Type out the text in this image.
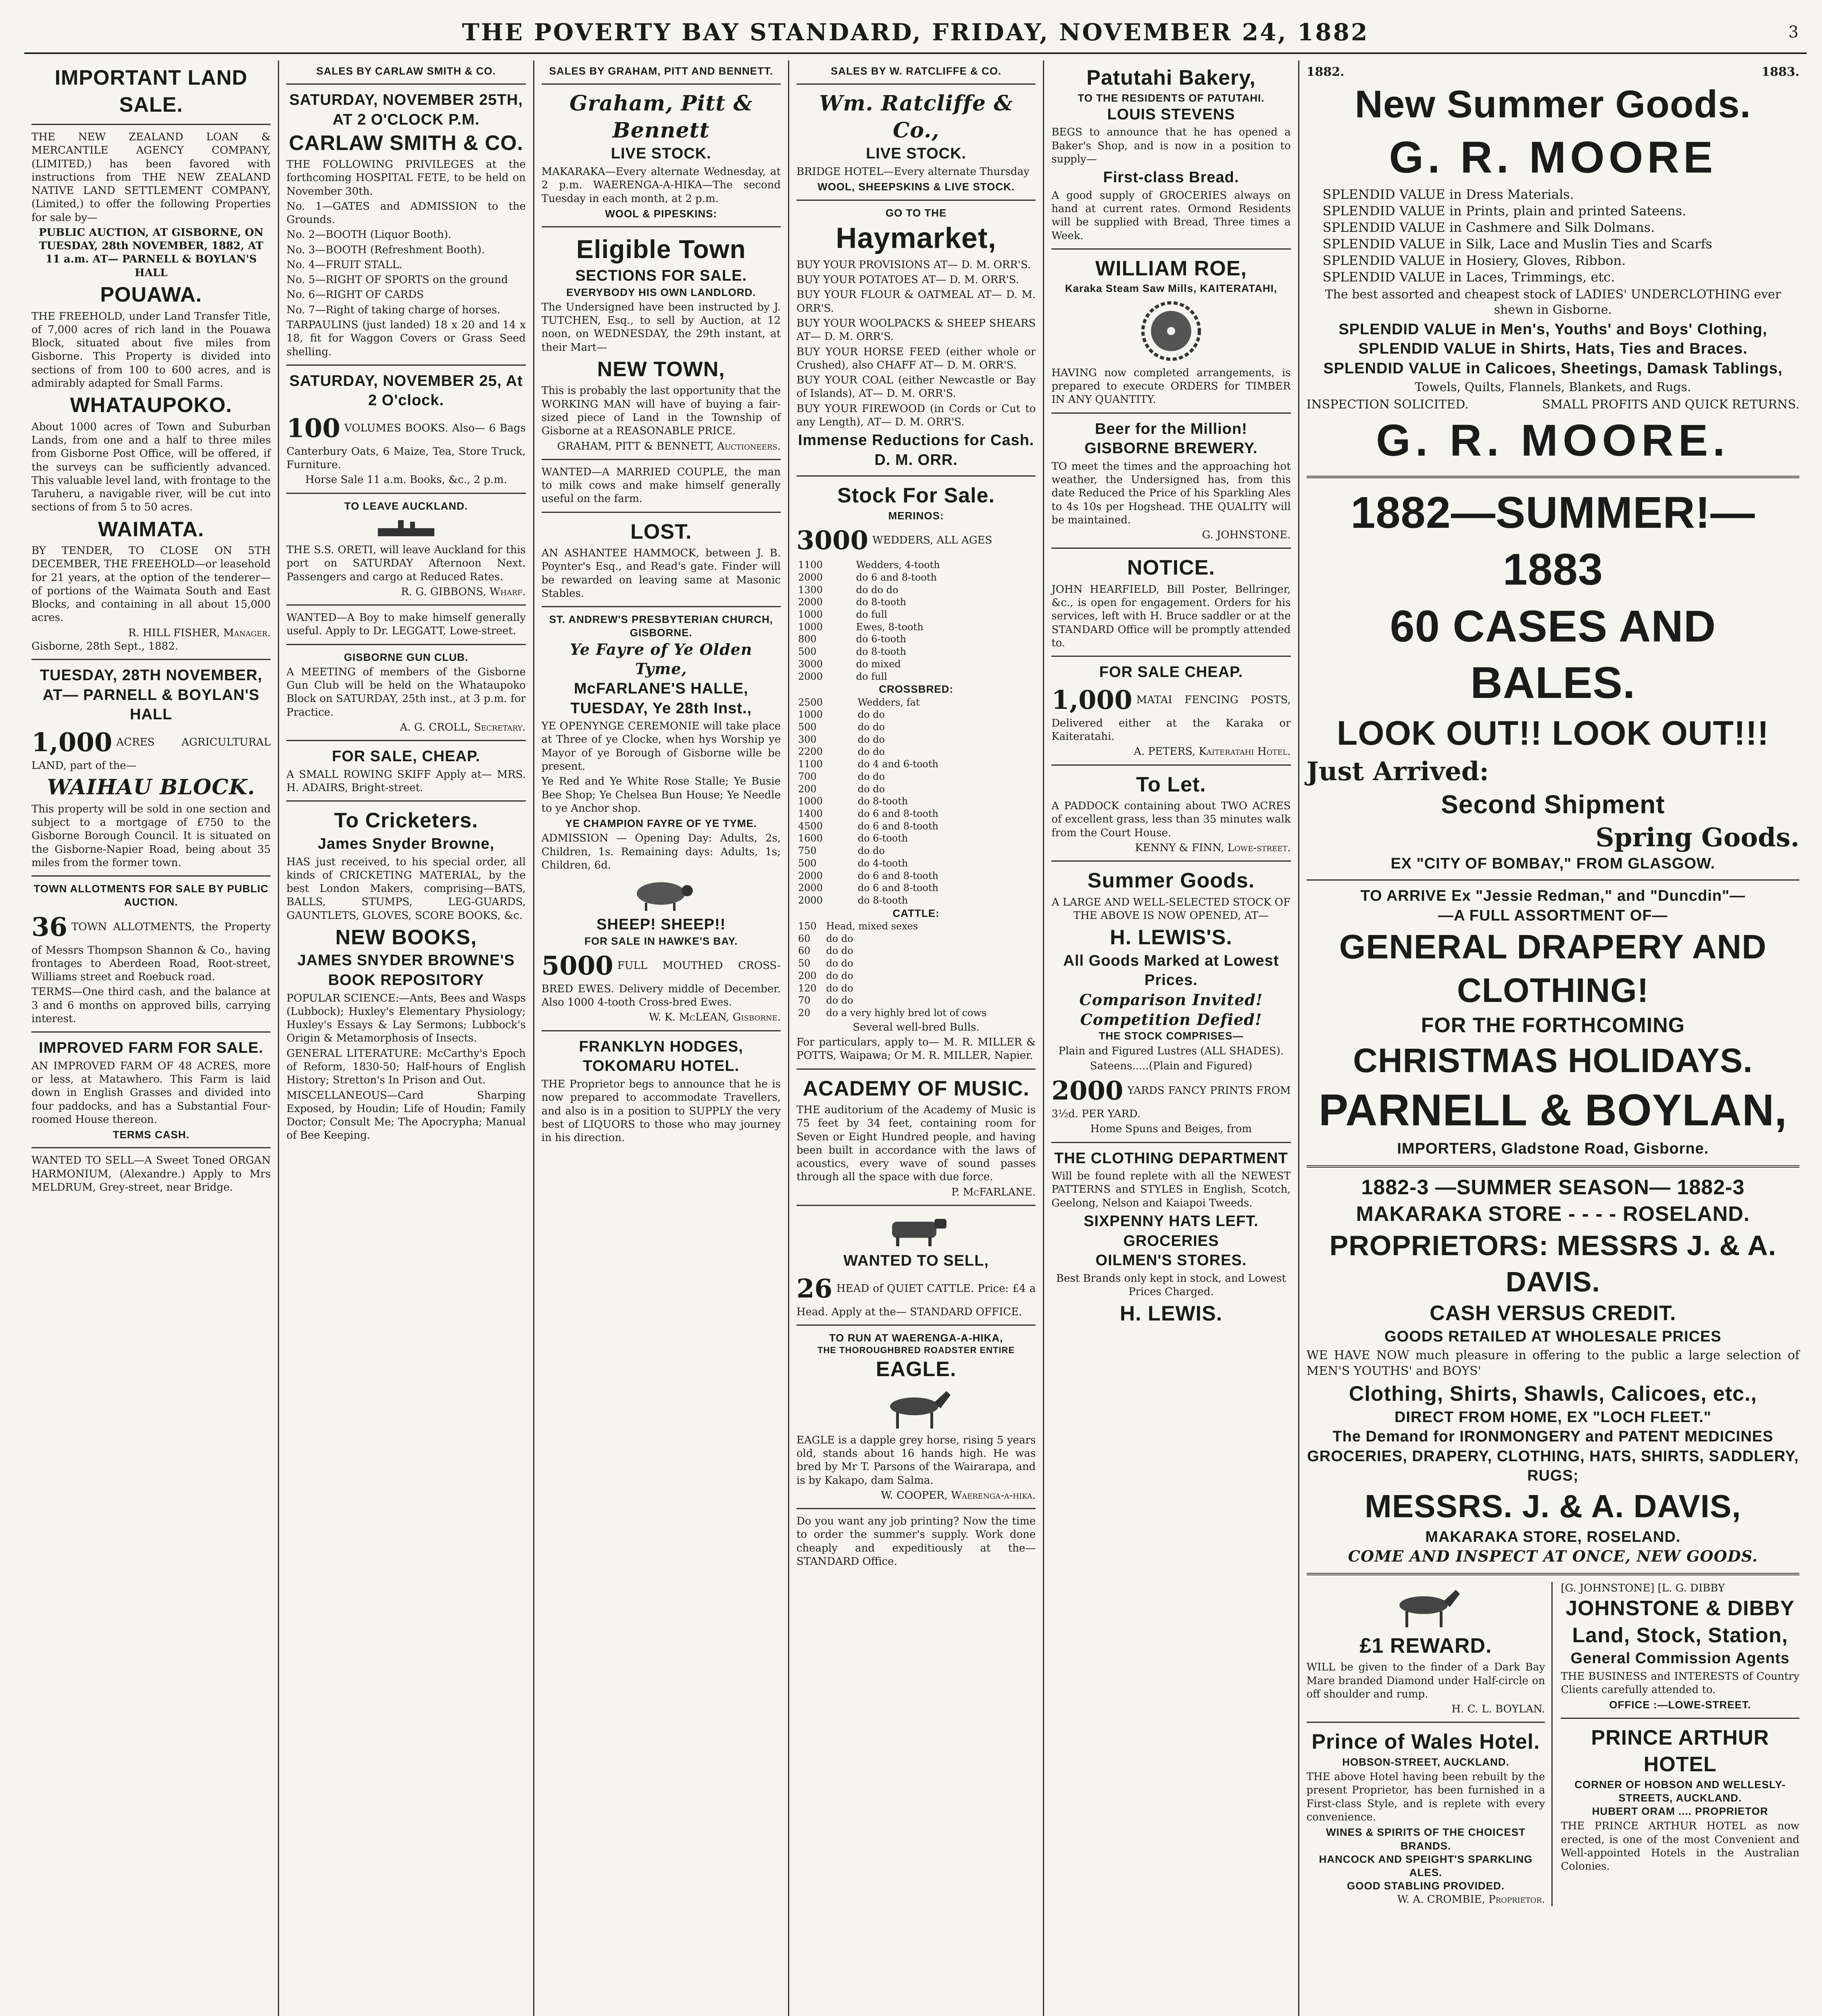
THE POVERTY BAY STANDARD, FRIDAY, NOVEMBER 24, 1882	3
IMPORTANT LAND SALE.

THE NEW ZEALAND LOAN & MERCANTILE AGENCY COMPANY, (LIMITED,) has been favored with instructions from THE NEW ZEALAND NATIVE LAND SETTLEMENT COMPANY, (Limited,) to offer the following Properties for sale by—

PUBLIC AUCTION, AT GISBORNE, ON TUESDAY, 28th NOVEMBER, 1882, AT 11 a.m. AT— PARNELL & BOYLAN'S HALL

POUAWA.

THE FREEHOLD, under Land Transfer Title, of 7,000 acres of rich land in the Pouawa Block, situated about five miles from Gisborne. This Property is divided into sections of from 100 to 600 acres, and is admirably adapted for Small Farms.

WHATAUPOKO.

About 1000 acres of Town and Suburban Lands, from one and a half to three miles from Gisborne Post Office, will be offered, if the surveys can be sufficiently advanced. This valuable level land, with frontage to the Taruheru, a navigable river, will be cut into sections of from 5 to 50 acres.

WAIMATA.

BY TENDER, TO CLOSE ON 5TH DECEMBER, THE FREEHOLD—or leasehold for 21 years, at the option of the tenderer—of portions of the Waimata South and East Blocks, and containing in all about 15,000 acres.

R. HILL FISHER, Manager.
Gisborne, 28th Sept., 1882.
TUESDAY, 28TH NOVEMBER, AT— PARNELL & BOYLAN'S HALL

1,000 ACRES AGRICULTURAL LAND, part of the—

WAIHAU BLOCK.

This property will be sold in one section and subject to a mortgage of £750 to the Gisborne Borough Council. It is situated on the Gisborne-Napier Road, being about 35 miles from the former town.

TOWN ALLOTMENTS FOR SALE BY PUBLIC AUCTION.

36 TOWN ALLOTMENTS, the Property of Messrs Thompson Shannon & Co., having frontages to Aberdeen Road, Root-street, Williams street and Roebuck road.

TERMS—One third cash, and the balance at 3 and 6 months on approved bills, carrying interest.

IMPROVED FARM FOR SALE.

AN IMPROVED FARM OF 48 ACRES, more or less, at Matawhero. This Farm is laid down in English Grasses and divided into four paddocks, and has a Substantial Four-roomed House thereon.

TERMS CASH.

WANTED TO SELL—A Sweet Toned ORGAN HARMONIUM, (Alexandre.) Apply to Mrs MELDRUM, Grey-street, near Bridge.

SALES BY CARLAW SMITH & CO.
SATURDAY, NOVEMBER 25TH, AT 2 O'CLOCK P.M.
CARLAW SMITH & CO.

THE FOLLOWING PRIVILEGES at the forthcoming HOSPITAL FETE, to be held on November 30th.

No. 1—GATES and ADMISSION to the Grounds.

No. 2—BOOTH (Liquor Booth).

No. 3—BOOTH (Refreshment Booth).

No. 4—FRUIT STALL.

No. 5—RIGHT OF SPORTS on the ground

No. 6—RIGHT OF CARDS

No. 7—Right of taking charge of horses.

TARPAULINS (just landed) 18 x 20 and 14 x 18, fit for Waggon Covers or Grass Seed shelling.

SATURDAY, NOVEMBER 25, At 2 O'clock.

100 VOLUMES BOOKS. Also— 6 Bags Canterbury Oats, 6 Maize, Tea, Store Truck, Furniture.

Horse Sale 11 a.m. Books, &c., 2 p.m.

TO LEAVE AUCKLAND.

THE S.S. ORETI, will leave Auckland for this port on SATURDAY Afternoon Next. Passengers and cargo at Reduced Rates.

R. G. GIBBONS, Wharf.

WANTED—A Boy to make himself generally useful. Apply to Dr. LEGGATT, Lowe-street.

GISBORNE GUN CLUB.

A MEETING of members of the Gisborne Gun Club will be held on the Whataupoko Block on SATURDAY, 25th inst., at 3 p.m. for Practice.

A. G. CROLL, Secretary.
FOR SALE, CHEAP.

A SMALL ROWING SKIFF Apply at— MRS. H. ADAIRS, Bright-street.

To Cricketers.
James Snyder Browne,

HAS just received, to his special order, all kinds of CRICKETING MATERIAL, by the best London Makers, comprising—BATS, BALLS, STUMPS, LEG-GUARDS, GAUNTLETS, GLOVES, SCORE BOOKS, &c.

NEW BOOKS,
JAMES SNYDER BROWNE'S BOOK REPOSITORY

POPULAR SCIENCE:—Ants, Bees and Wasps (Lubbock); Huxley's Elementary Physiology; Huxley's Essays & Lay Sermons; Lubbock's Origin & Metamorphosis of Insects.

GENERAL LITERATURE: McCarthy's Epoch of Reform, 1830-50; Half-hours of English History; Stretton's In Prison and Out.

MISCELLANEOUS—Card Sharping Exposed, by Houdin; Life of Houdin; Family Doctor; Consult Me; The Apocrypha; Manual of Bee Keeping.

SALES BY GRAHAM, PITT AND BENNETT.
Graham, Pitt & Bennett
LIVE STOCK.

MAKARAKA—Every alternate Wednesday, at 2 p.m. WAERENGA-A-HIKA—The second Tuesday in each month, at 2 p.m.

WOOL & PIPESKINS:
Eligible Town
SECTIONS FOR SALE.
EVERYBODY HIS OWN LANDLORD.

The Undersigned have been instructed by J. TUTCHEN, Esq., to sell by Auction, at 12 noon, on WEDNESDAY, the 29th instant, at their Mart—

NEW TOWN,

This is probably the last opportunity that the WORKING MAN will have of buying a fair-sized piece of Land in the Township of Gisborne at a REASONABLE PRICE.

GRAHAM, PITT & BENNETT, Auctioneers.

WANTED—A MARRIED COUPLE, the man to milk cows and make himself generally useful on the farm.

LOST.

AN ASHANTEE HAMMOCK, between J. B. Poynter's Esq., and Read's gate. Finder will be rewarded on leaving same at Masonic Stables.

ST. ANDREW'S PRESBYTERIAN CHURCH, GISBORNE.
Ye Fayre of Ye Olden Tyme,
McFARLANE'S HALLE,
TUESDAY, Ye 28th Inst.,

YE OPENYNGE CEREMONIE will take place at Three of ye Clocke, when hys Worship ye Mayor of ye Borough of Gisborne wille be present.

Ye Red and Ye White Rose Stalle; Ye Busie Bee Shop; Ye Chelsea Bun House; Ye Needle to ye Anchor shop.

YE CHAMPION FAYRE OF YE TYME.

ADMISSION — Opening Day: Adults, 2s, Children, 1s. Remaining days: Adults, 1s; Children, 6d.

SHEEP! SHEEP!!
FOR SALE IN HAWKE'S BAY.

5000 FULL MOUTHED CROSS-BRED EWES. Delivery middle of December. Also 1000 4-tooth Cross-bred Ewes.

W. K. McLEAN, Gisborne.
FRANKLYN HODGES, TOKOMARU HOTEL.

THE Proprietor begs to announce that he is now prepared to accommodate Travellers, and also is in a position to SUPPLY the very best of LIQUORS to those who may journey in his direction.

SALES BY W. RATCLIFFE & CO.
Wm. Ratcliffe & Co.,
LIVE STOCK.

BRIDGE HOTEL—Every alternate Thursday

WOOL, SHEEPSKINS & LIVE STOCK.
GO TO THE
Haymarket,

BUY YOUR PROVISIONS AT— D. M. ORR'S.

BUY YOUR POTATOES AT— D. M. ORR'S.

BUY YOUR FLOUR & OATMEAL AT— D. M. ORR'S.

BUY YOUR WOOLPACKS & SHEEP SHEARS AT— D. M. ORR'S.

BUY YOUR HORSE FEED (either whole or Crushed), also CHAFF AT— D. M. ORR'S.

BUY YOUR COAL (either Newcastle or Bay of Islands), AT— D. M. ORR'S.

BUY YOUR FIREWOOD (in Cords or Cut to any Length), AT— D. M. ORR'S.

Immense Reductions for Cash.
D. M. ORR.
Stock For Sale.
MERINOS:

3000 WEDDERS, ALL AGES

1100	Wedders, 4-tooth
2000	do 6 and 8-tooth
1300	do do do
2000	do 8-tooth
1000	do full
1000	Ewes, 8-tooth
800	do 6-tooth
500	do 8-tooth
3000	do mixed
2000	do full
CROSSBRED:
2500	Wedders, fat
1000	do do
500	do do
300	do do
2200	do do
1100	do 4 and 6-tooth
700	do do
200	do do
1000	do 8-tooth
1400	do 6 and 8-tooth
4500	do 6 and 8-tooth
1600	do 6-tooth
750	do do
500	do 4-tooth
2000	do 6 and 8-tooth
2000	do 6 and 8-tooth
2000	do 8-tooth
CATTLE:
150	Head, mixed sexes
60	do do
60	do do
50	do do
200	do do
120	do do
70	do do
20	do a very highly bred lot of cows

Several well-bred Bulls.

For particulars, apply to— M. R. MILLER & POTTS, Waipawa; Or M. R. MILLER, Napier.

ACADEMY OF MUSIC.

THE auditorium of the Academy of Music is 75 feet by 34 feet, containing room for Seven or Eight Hundred people, and having been built in accordance with the laws of acoustics, every wave of sound passes through all the space with due force.

P. McFARLANE.
WANTED TO SELL,

26 HEAD of QUIET CATTLE. Price: £4 a Head. Apply at the— STANDARD OFFICE.

TO RUN AT WAERENGA-A-HIKA,
THE THOROUGHBRED ROADSTER ENTIRE
EAGLE.

EAGLE is a dapple grey horse, rising 5 years old, stands about 16 hands high. He was bred by Mr T. Parsons of the Wairarapa, and is by Kakapo, dam Salma.

W. COOPER, Waerenga-a-hika.

Do you want any job printing? Now the time to order the summer's supply. Work done cheaply and expeditiously at the— STANDARD Office.

Patutahi Bakery,
TO THE RESIDENTS OF PATUTAHI.
LOUIS STEVENS

BEGS to announce that he has opened a Baker's Shop, and is now in a position to supply—

First-class Bread.

A good supply of GROCERIES always on hand at current rates. Ormond Residents will be supplied with Bread, Three times a Week.

WILLIAM ROE,
Karaka Steam Saw Mills, KAITERATAHI,

HAVING now completed arrangements, is prepared to execute ORDERS for TIMBER IN ANY QUANTITY.

Beer for the Million!
GISBORNE BREWERY.

TO meet the times and the approaching hot weather, the Undersigned has, from this date Reduced the Price of his Sparkling Ales to 4s 10s per Hogshead. THE QUALITY will be maintained.

G. JOHNSTONE.
NOTICE.

JOHN HEARFIELD, Bill Poster, Bellringer, &c., is open for engagement. Orders for his services, left with H. Bruce saddler or at the STANDARD Office will be promptly attended to.

FOR SALE CHEAP.

1,000 MATAI FENCING POSTS, Delivered either at the Karaka or Kaiteratahi.

A. PETERS, Kaiteratahi Hotel.
To Let.

A PADDOCK containing about TWO ACRES of excellent grass, less than 35 minutes walk from the Court House.

KENNY & FINN, Lowe-street.
Summer Goods.

A LARGE AND WELL-SELECTED STOCK OF THE ABOVE IS NOW OPENED, AT—

H. LEWIS'S.
All Goods Marked at Lowest Prices.
Comparison Invited! Competition Defied!
THE STOCK COMPRISES—

Plain and Figured Lustres (ALL SHADES).

Sateens.....(Plain and Figured)

2000 YARDS FANCY PRINTS FROM 3½d. PER YARD.

Home Spuns and Beiges, from

THE CLOTHING DEPARTMENT

Will be found replete with all the NEWEST PATTERNS and STYLES in English, Scotch, Geelong, Nelson and Kaiapoi Tweeds.

SIXPENNY HATS LEFT.
GROCERIES
OILMEN'S STORES.

Best Brands only kept in stock, and Lowest Prices Charged.

H. LEWIS.
1882.	1883.
New Summer Goods.
G. R. MOORE
SPLENDID VALUE in Dress Materials.
SPLENDID VALUE in Prints, plain and printed Sateens.
SPLENDID VALUE in Cashmere and Silk Dolmans.
SPLENDID VALUE in Silk, Lace and Muslin Ties and Scarfs
SPLENDID VALUE in Hosiery, Gloves, Ribbon.
SPLENDID VALUE in Laces, Trimmings, etc.

The best assorted and cheapest stock of LADIES' UNDERCLOTHING ever shewn in Gisborne.

SPLENDID VALUE in Men's, Youths' and Boys' Clothing,
SPLENDID VALUE in Shirts, Hats, Ties and Braces.
SPLENDID VALUE in Calicoes, Sheetings, Damask Tablings,

Towels, Quilts, Flannels, Blankets, and Rugs.

INSPECTION SOLICITED.	SMALL PROFITS AND QUICK RETURNS.
G. R. MOORE.
1882—SUMMER!—1883
60 CASES AND BALES.
LOOK OUT!! LOOK OUT!!!
Just Arrived:
Second Shipment
Spring Goods.
EX "CITY OF BOMBAY," FROM GLASGOW.
TO ARRIVE Ex "Jessie Redman," and "Duncdin"—
—A FULL ASSORTMENT OF—
GENERAL DRAPERY AND CLOTHING!
FOR THE FORTHCOMING
CHRISTMAS HOLIDAYS.
PARNELL & BOYLAN,
IMPORTERS, Gladstone Road, Gisborne.
1882-3 —SUMMER SEASON— 1882-3
MAKARAKA STORE - - - - ROSELAND.
PROPRIETORS: MESSRS J. & A. DAVIS.
CASH VERSUS CREDIT.
GOODS RETAILED AT WHOLESALE PRICES

WE HAVE NOW much pleasure in offering to the public a large selection of MEN'S YOUTHS' and BOYS'

Clothing, Shirts, Shawls, Calicoes, etc.,
DIRECT FROM HOME, EX "LOCH FLEET."
The Demand for IRONMONGERY and PATENT MEDICINES
GROCERIES, DRAPERY, CLOTHING, HATS, SHIRTS, SADDLERY, RUGS;
MESSRS. J. & A. DAVIS,
MAKARAKA STORE, ROSELAND.
COME AND INSPECT AT ONCE, NEW GOODS.
£1 REWARD.

WILL be given to the finder of a Dark Bay Mare branded Diamond under Half-circle on off shoulder and rump.

H. C. L. BOYLAN.
Prince of Wales Hotel.
HOBSON-STREET, AUCKLAND.

THE above Hotel having been rebuilt by the present Proprietor, has been furnished in a First-class Style, and is replete with every convenience.

WINES & SPIRITS OF THE CHOICEST BRANDS.
HANCOCK AND SPEIGHT'S SPARKLING ALES.
GOOD STABLING PROVIDED.
W. A. CROMBIE, Proprietor.
[G. JOHNSTONE] [L. G. DIBBY
JOHNSTONE & DIBBY
Land, Stock, Station,
General Commission Agents

THE BUSINESS and INTERESTS of Country Clients carefully attended to.

OFFICE :—LOWE-STREET.
PRINCE ARTHUR HOTEL
CORNER OF HOBSON AND WELLESLY-STREETS, AUCKLAND.
HUBERT ORAM .... PROPRIETOR

THE PRINCE ARTHUR HOTEL as now erected, is one of the most Convenient and Well-appointed Hotels in the Australian Colonies.
